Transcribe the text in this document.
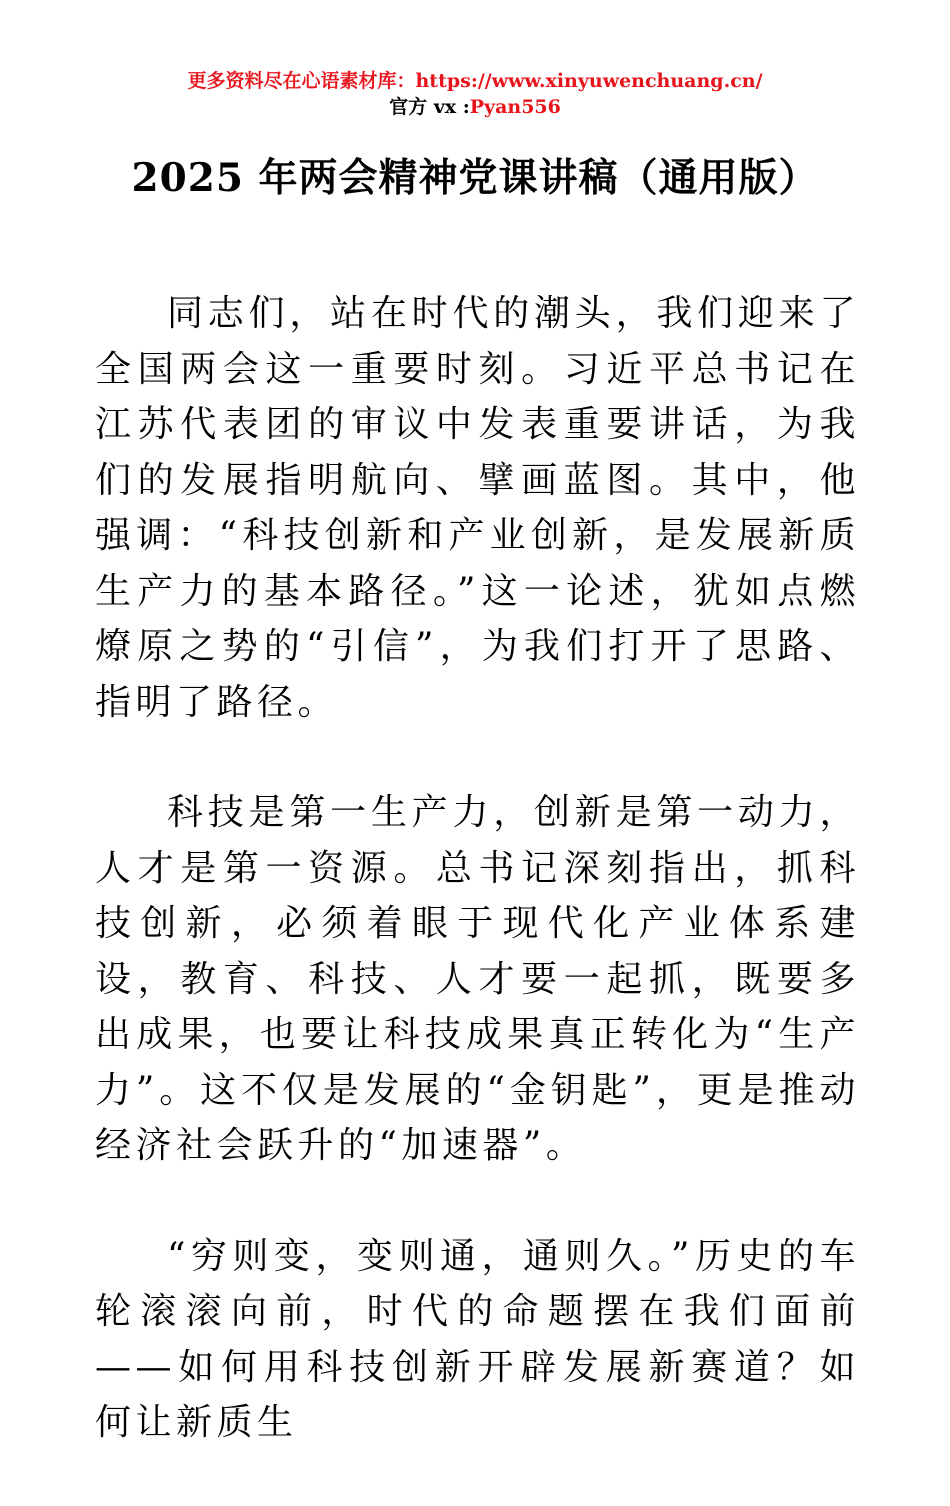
更多资料尽在心语素材库：https://www.xinyuwenchuang.cn/
官方 vx :Pyan556
2025 年两会精神党课讲稿（通用版）

同志们，站在时代的潮头，我们迎来了全国两会这一重要时刻。习近平总书记在江苏代表团的审议中发表重要讲话，为我们的发展指明航向、擘画蓝图。其中，他强调：“科技创新和产业创新，是发展新质生产力的基本路径。”这一论述，犹如点燃燎原之势的“引信”，为我们打开了思路、指明了路径。

科技是第一生产力，创新是第一动力，人才是第一资源。总书记深刻指出，抓科技创新，必须着眼于现代化产业体系建设，教育、科技、人才要一起抓，既要多出成果，也要让科技成果真正转化为“生产力”。这不仅是发展的“金钥匙”，更是推动经济社会跃升的“加速器”。

“穷则变，变则通，通则久。”历史的车轮滚滚向前，时代的命题摆在我们面前——如何用科技创新开辟发展新赛道？如何让新质生
